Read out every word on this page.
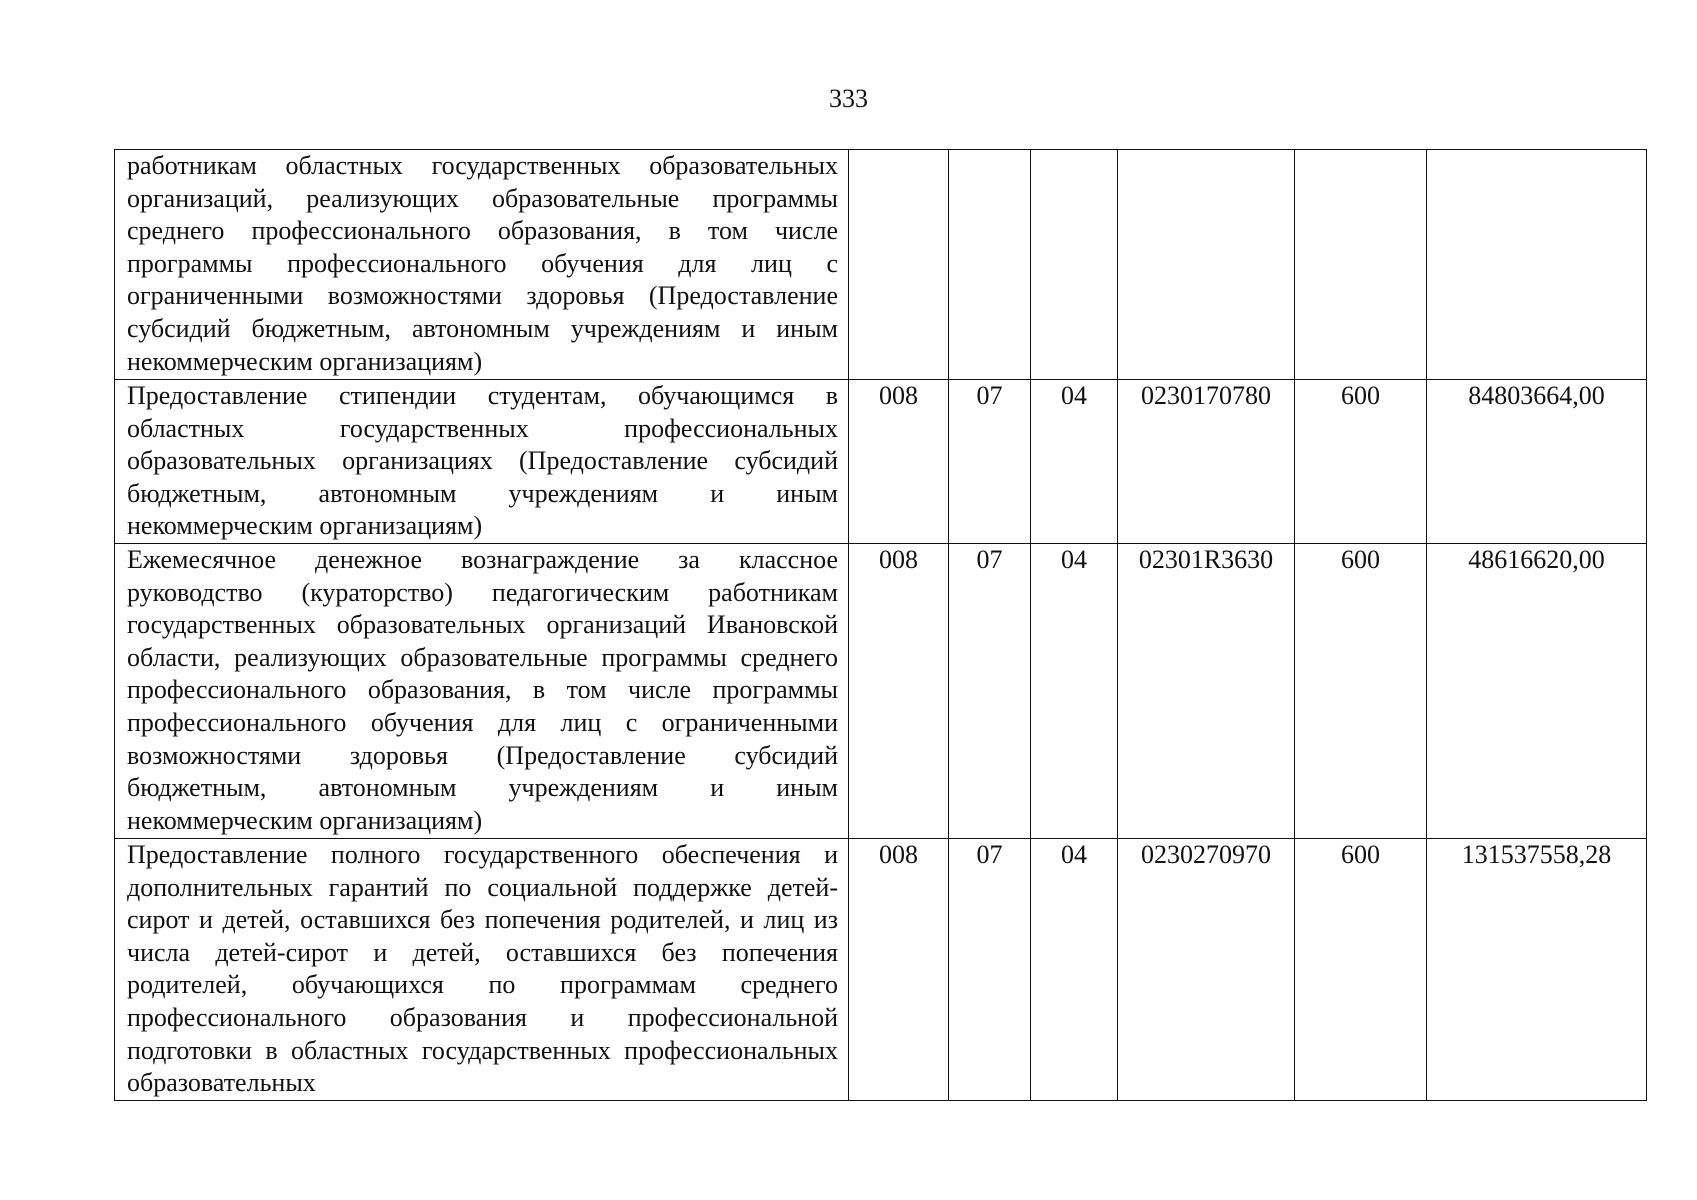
333
работникам областных государственных образовательных организаций, реализующих образовательные программы среднего профессионального образования, в том числе программы профессионального обучения для лиц с ограниченными возможностями здоровья (Предоставление субсидий бюджетным, автономным учреждениям и иным некоммерческим организациям)						

Предоставление стипендии студентам, обучающимся в областных государственных профессиональных образовательных организациях (Предоставление субсидий бюджетным, автономным учреждениям и иным некоммерческим организациям)	008	07	04	0230170780	600	84803664,00

Ежемесячное денежное вознаграждение за классное руководство (кураторство) педагогическим работникам государственных образовательных организаций Ивановской области, реализующих образовательные программы среднего профессионального образования, в том числе программы профессионального обучения для лиц с ограниченными возможностями здоровья (Предоставление субсидий бюджетным, автономным учреждениям и иным некоммерческим организациям)	008	07	04	02301R3630	600	48616620,00

Предоставление полного государственного обеспечения и дополнительных гарантий по социальной поддержке детей-сирот и детей, оставшихся без попечения родителей, и лиц из числа детей-сирот и детей, оставшихся без попечения родителей, обучающихся по программам среднего профессионального образования и профессиональной подготовки в областных государственных профессиональных образовательных	008	07	04	0230270970	600	131537558,28
